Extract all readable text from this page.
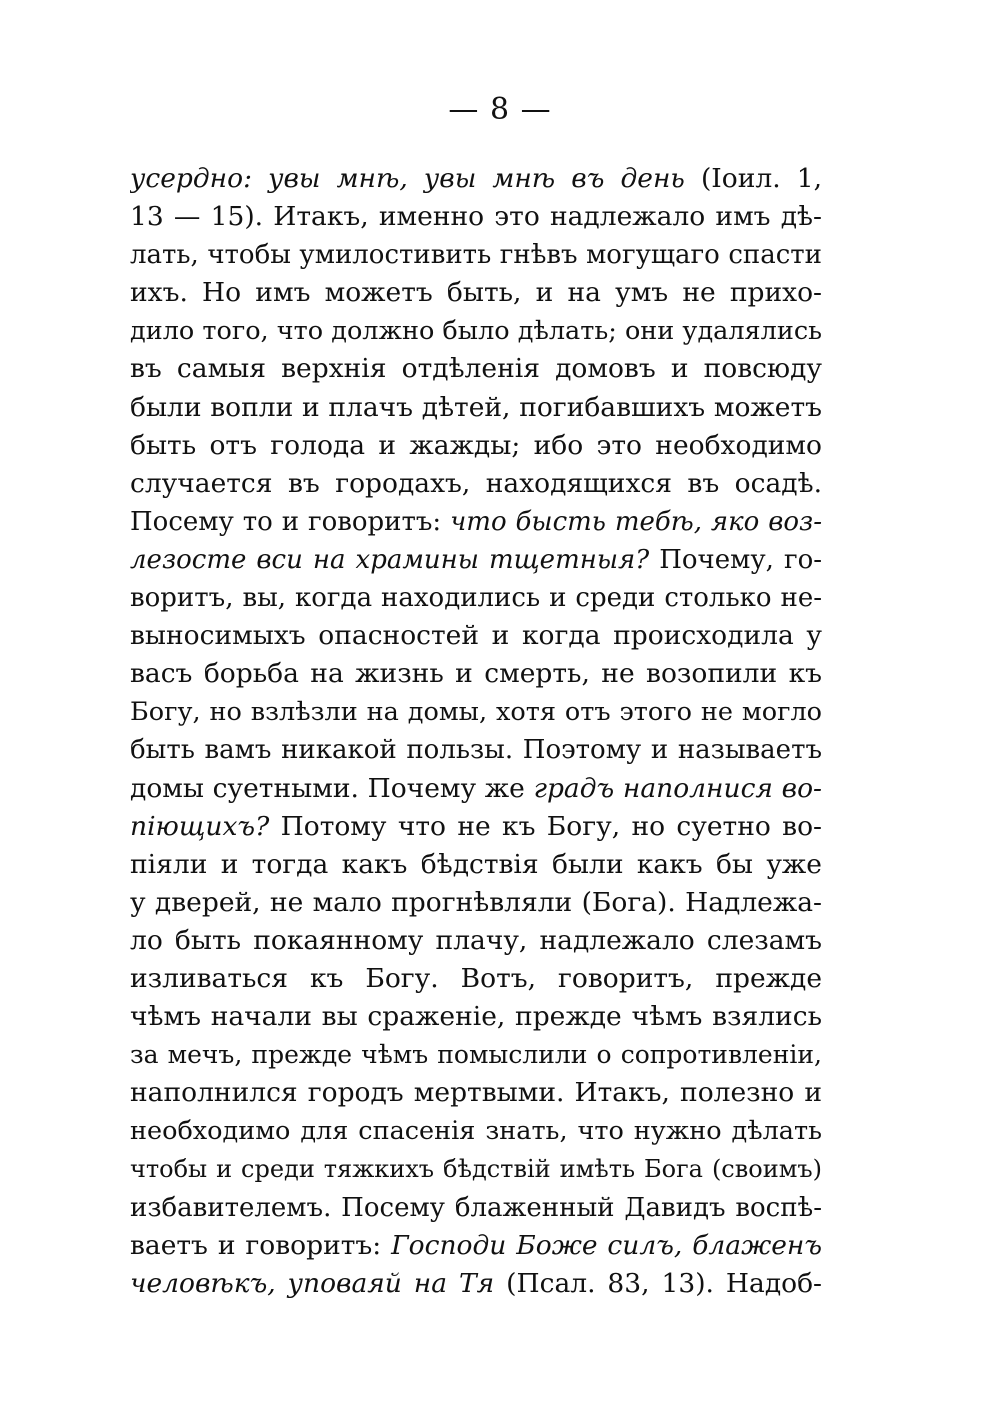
— 8 —
усердно: увы мнѣ, увы мнѣ въ день (Іоил. 1,
13 — 15). Итакъ, именно это надлежало имъ дѣ-
лать, чтобы умилостивить гнѣвъ могущаго спасти
ихъ. Но имъ можетъ быть, и на умъ не прихо-
дило того, что должно было дѣлать; они удалялись
въ самыя верхнія отдѣленія домовъ и повсюду
были вопли и плачъ дѣтей, погибавшихъ можетъ
быть отъ голода и жажды; ибо это необходимо
случается въ городахъ, находящихся въ осадѣ.
Посему то и говоритъ: что бысть тебѣ, яко воз-
лезосте вси на храмины тщетныя? Почему, го-
воритъ, вы, когда находились и среди столько не-
выносимыхъ опасностей и когда происходила у
васъ борьба на жизнь и смерть, не возопили къ
Богу, но взлѣзли на домы, хотя отъ этого не могло
быть вамъ никакой пользы. Поэтому и называетъ
домы суетными. Почему же градъ наполнися во-
піющихъ? Потому что не къ Богу, но суетно во-
піяли и тогда какъ бѣдствія были какъ бы уже
у дверей, не мало прогнѣвляли (Бога). Надлежа-
ло быть покаянному плачу, надлежало слезамъ
изливаться къ Богу. Вотъ, говоритъ, прежде
чѣмъ начали вы сраженіе, прежде чѣмъ взялись
за мечъ, прежде чѣмъ помыслили о сопротивленіи,
наполнился городъ мертвыми. Итакъ, полезно и
необходимо для спасенія знать, что нужно дѣлать
чтобы и среди тяжкихъ бѣдствій имѣть Бога (своимъ)
избавителемъ. Посему блаженный Давидъ воспѣ-
ваетъ и говоритъ: Господи Боже силъ, блаженъ
человѣкъ, уповаяй на Тя (Псал. 83, 13). Надоб-
